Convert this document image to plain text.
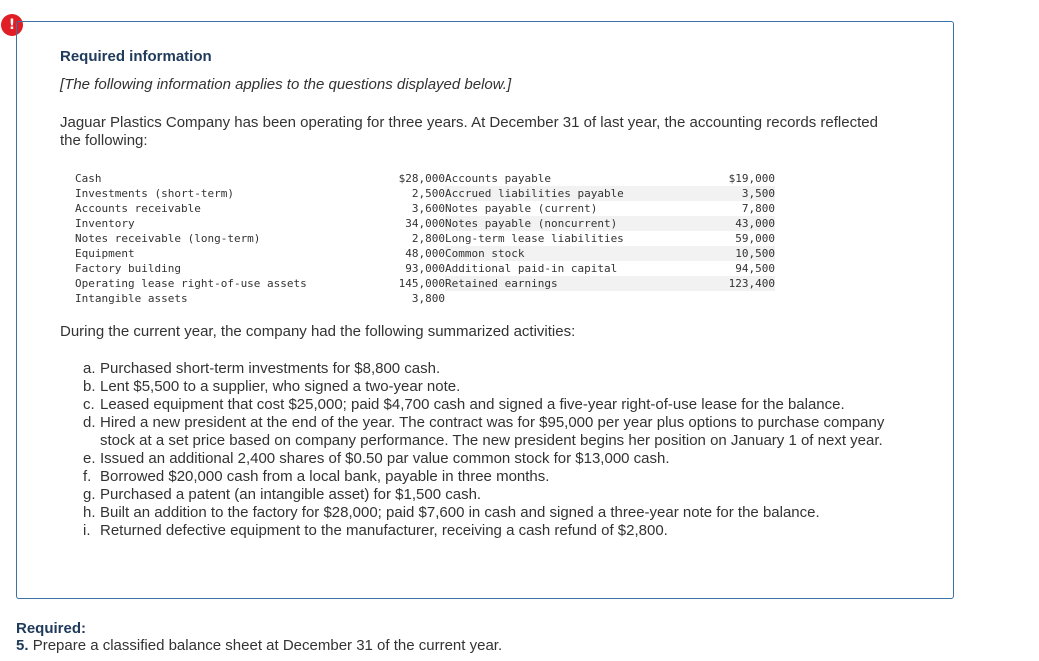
!
Required information
[The following information applies to the questions displayed below.]
Jaguar Plastics Company has been operating for three years. At December 31 of last year, the accounting records reflected the following:
Cash	$28,000	Accounts payable	$19,000
Investments (short-term)	2,500	Accrued liabilities payable	3,500
Accounts receivable	3,600	Notes payable (current)	7,800
Inventory	34,000	Notes payable (noncurrent)	43,000
Notes receivable (long-term)	2,800	Long-term lease liabilities	59,000
Equipment	48,000	Common stock	10,500
Factory building	93,000	Additional paid-in capital	94,500
Operating lease right-of-use assets	145,000	Retained earnings	123,400
Intangible assets	3,800		
During the current year, the company had the following summarized activities:
a. Purchased short-term investments for $8,800 cash.
b. Lent $5,500 to a supplier, who signed a two-year note.
c. Leased equipment that cost $25,000; paid $4,700 cash and signed a five-year right-of-use lease for the balance.
d. Hired a new president at the end of the year. The contract was for $95,000 per year plus options to purchase company stock at a set price based on company performance. The new president begins her position on January 1 of next year.
e. Issued an additional 2,400 shares of $0.50 par value common stock for $13,000 cash.
f. Borrowed $20,000 cash from a local bank, payable in three months.
g. Purchased a patent (an intangible asset) for $1,500 cash.
h. Built an addition to the factory for $28,000; paid $7,600 in cash and signed a three-year note for the balance.
i. Returned defective equipment to the manufacturer, receiving a cash refund of $2,800.
Required:
5. Prepare a classified balance sheet at December 31 of the current year.
